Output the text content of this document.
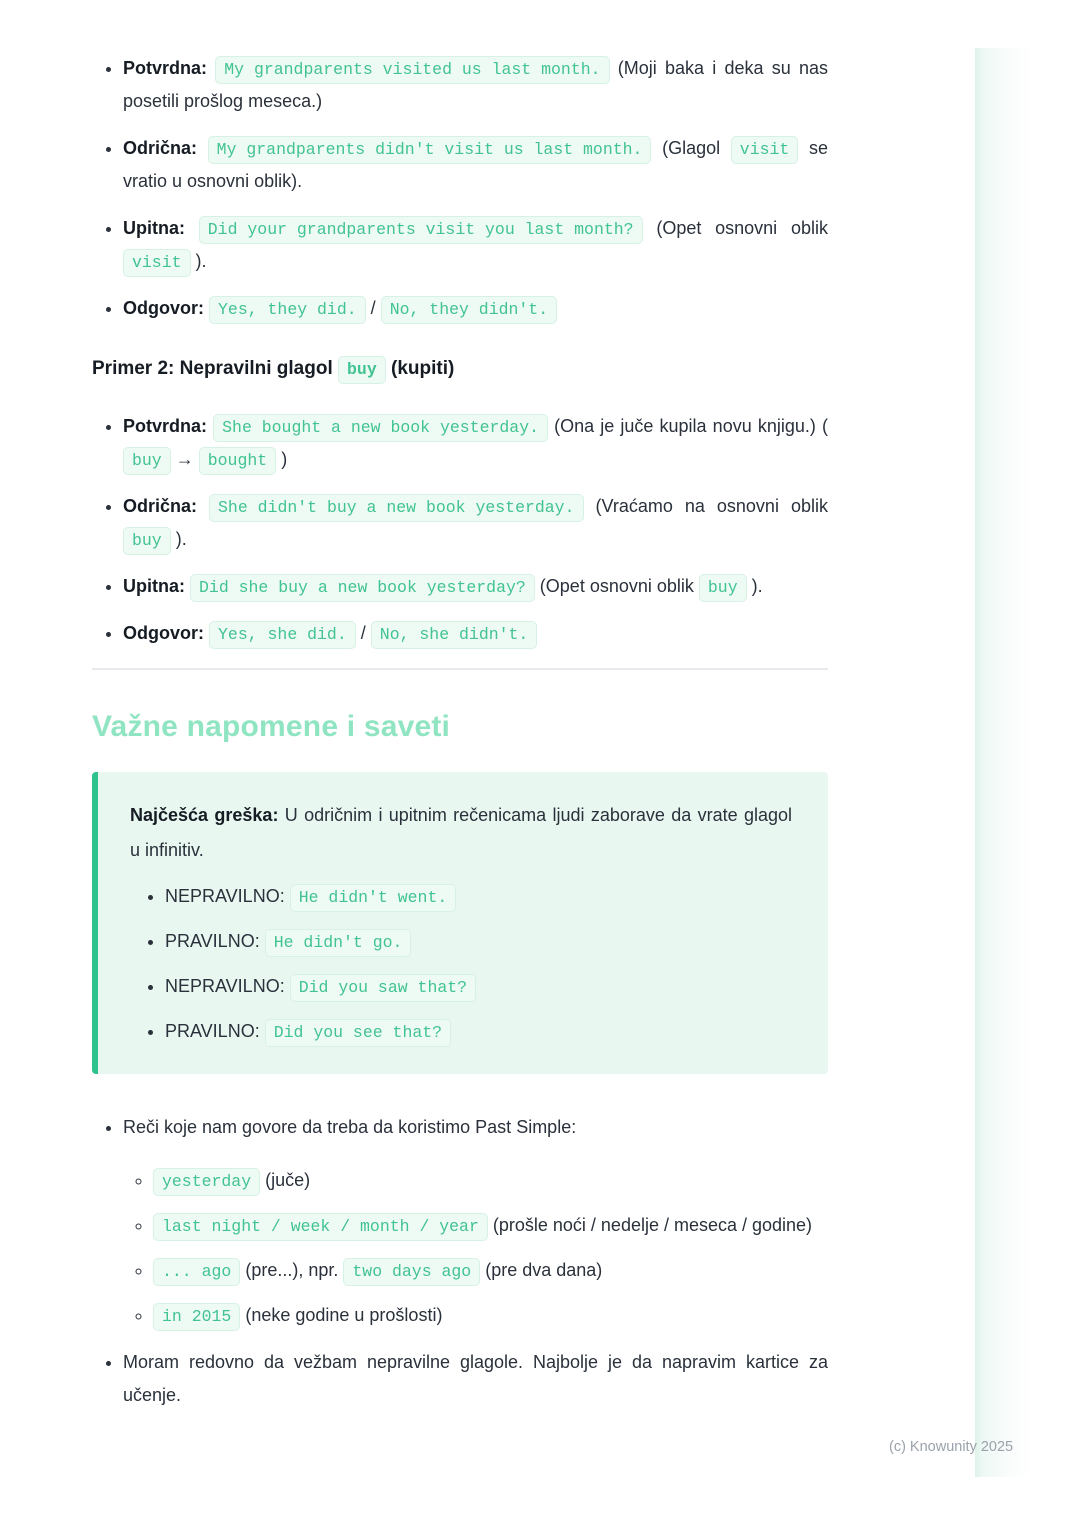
• Potvrdna: My grandparents visited us last month. (Moji baka i deka su nas posetili prošlog meseca.)
• Odrična: My grandparents didn't visit us last month. (Glagol visit se vratio u osnovni oblik).
• Upitna: Did your grandparents visit you last month? (Opet osnovni oblik visit ).
• Odgovor: Yes, they did. / No, they didn't.

Primer 2: Nepravilni glagol buy (kupiti)

• Potvrdna: She bought a new book yesterday. (Ona je juče kupila novu knjigu.) ( buy → bought )
• Odrična: She didn't buy a new book yesterday. (Vraćamo na osnovni oblik buy ).
• Upitna: Did she buy a new book yesterday? (Opet osnovni oblik buy ).
• Odgovor: Yes, she did. / No, she didn't.
Važne napomene i saveti

Najčešća greška: U odričnim i upitnim rečenicama ljudi zaborave da vrate glagol u infinitiv.

• NEPRAVILNO: He didn't went.
• PRAVILNO: He didn't go.
• NEPRAVILNO: Did you saw that?
• PRAVILNO: Did you see that?
• Reči koje nam govore da treba da koristimo Past Simple:
◦ yesterday (juče)
◦ last night / week / month / year (prošle noći / nedelje / meseca / godine)
◦ ... ago (pre...), npr. two days ago (pre dva dana)
◦ in 2015 (neke godine u prošlosti)
• Moram redovno da vežbam nepravilne glagole. Najbolje je da napravim kartice za učenje.
(c) Knowunity 2025
